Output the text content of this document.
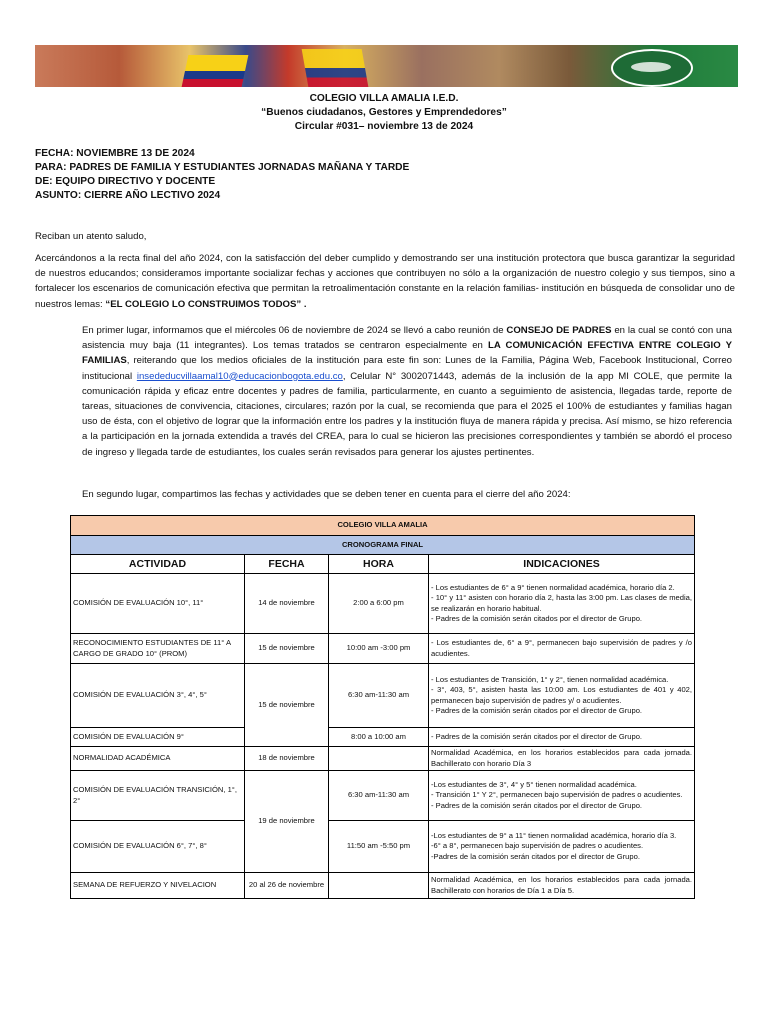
COLEGIO VILLA AMALIA I.E.D.
“Buenos ciudadanos, Gestores y Emprendedores”
Circular #031– noviembre 13 de 2024
FECHA: NOVIEMBRE 13 DE 2024
PARA: PADRES DE FAMILIA Y ESTUDIANTES JORNADAS MAÑANA Y TARDE
DE: EQUIPO DIRECTIVO Y DOCENTE
ASUNTO: CIERRE AÑO LECTIVO 2024
Reciban un atento saludo,
Acercándonos a la recta final del año 2024, con la satisfacción del deber cumplido y demostrando ser una institución protectora que busca garantizar la seguridad de nuestros educandos; consideramos importante socializar fechas y acciones que contribuyen no sólo a la organización de nuestro colegio y sus tiempos, sino a fortalecer los escenarios de comunicación efectiva que permitan la retroalimentación constante en la relación familias- institución en búsqueda de consolidar uno de nuestros lemas: “EL COLEGIO LO CONSTRUIMOS TODOS” .
En primer lugar, informamos que el miércoles 06 de noviembre de 2024 se llevó a cabo reunión de CONSEJO DE PADRES en la cual se contó con una asistencia muy baja (11 integrantes). Los temas tratados se centraron especialmente en LA COMUNICACIÓN EFECTIVA ENTRE COLEGIO Y FAMILIAS, reiterando que los medios oficiales de la institución para este fin son: Lunes de la Familia, Página Web, Facebook Institucional, Correo institucional insededucvillaamal10@educacionbogota.edu.co, Celular N° 3002071443, además de la inclusión de la app MI COLE, que permite la comunicación rápida y eficaz entre docentes y padres de familia, particularmente, en cuanto a seguimiento de asistencia, llegadas tarde, reporte de tareas, situaciones de convivencia, citaciones, circulares; razón por la cual, se recomienda que para el 2025 el 100% de estudiantes y familias hagan uso de ésta, con el objetivo de lograr que la información entre los padres y la institución fluya de manera rápida y precisa. Así mismo, se hizo referencia a la participación en la jornada extendida a través del CREA, para lo cual se hicieron las precisiones correspondientes y también se abordó el proceso de ingreso y llegada tarde de estudiantes, los cuales serán revisados para generar los ajustes pertinentes.
En segundo lugar, compartimos las fechas y actividades que se deben tener en cuenta para el cierre del año 2024:
COLEGIO VILLA AMALIA			
CRONOGRAMA FINAL			
ACTIVIDAD	FECHA	HORA	INDICACIONES
COMISIÓN DE EVALUACIÓN 10°, 11°	14 de noviembre	2:00 a 6:00 pm	- Los estudiantes de 6° a 9° tienen normalidad académica, horario día 2.
- 10° y 11° asisten con horario día 2, hasta las 3:00 pm. Las clases de media, se realizarán en horario habitual.
- Padres de la comisión serán citados por el director de Grupo.

RECONOCIMIENTO ESTUDIANTES DE 11° A CARGO DE GRADO 10° (PROM)	15 de noviembre	10:00 am -3:00 pm	- Los estudiantes de, 6° a 9°, permanecen bajo supervisión de padres y /o acudientes.

COMISIÓN DE EVALUACIÓN 3°, 4°, 5°	15 de noviembre	6:30 am-11:30 am	- Los estudiantes de Transición, 1° y 2°, tienen normalidad académica.
- 3°, 403, 5°, asisten hasta las 10:00 am. Los estudiantes de 401 y 402, permanecen bajo supervisión de padres y/ o acudientes.
- Padres de la comisión serán citados por el director de Grupo.

COMISIÓN DE EVALUACIÓN 9°		8:00 a 10:00 am	- Padres de la comisión serán citados por el director de Grupo.

NORMALIDAD ACADÉMICA	18 de noviembre		Normalidad Académica, en los horarios establecidos para cada jornada. Bachillerato con horario Día 3

COMISIÓN DE EVALUACIÓN TRANSICIÓN, 1°, 2°	19 de noviembre	6:30 am-11:30 am	-Los estudiantes de 3°, 4° y 5° tienen normalidad académica.
- Transición 1° Y 2°, permanecen bajo supervisión de padres o acudientes.
- Padres de la comisión serán citados por el director de Grupo.

COMISIÓN DE EVALUACIÓN 6°, 7°, 8°		11:50 am -5:50 pm	-Los estudiantes de 9° a 11° tienen normalidad académica, horario día 3.
-6° a 8°, permanecen bajo supervisión de padres o acudientes.
-Padres de la comisión serán citados por el director de Grupo.

SEMANA DE REFUERZO Y NIVELACION	20 al 26 de noviembre		Normalidad Académica, en los horarios establecidos para cada jornada. Bachillerato con horarios de Día 1 a Día 5.
